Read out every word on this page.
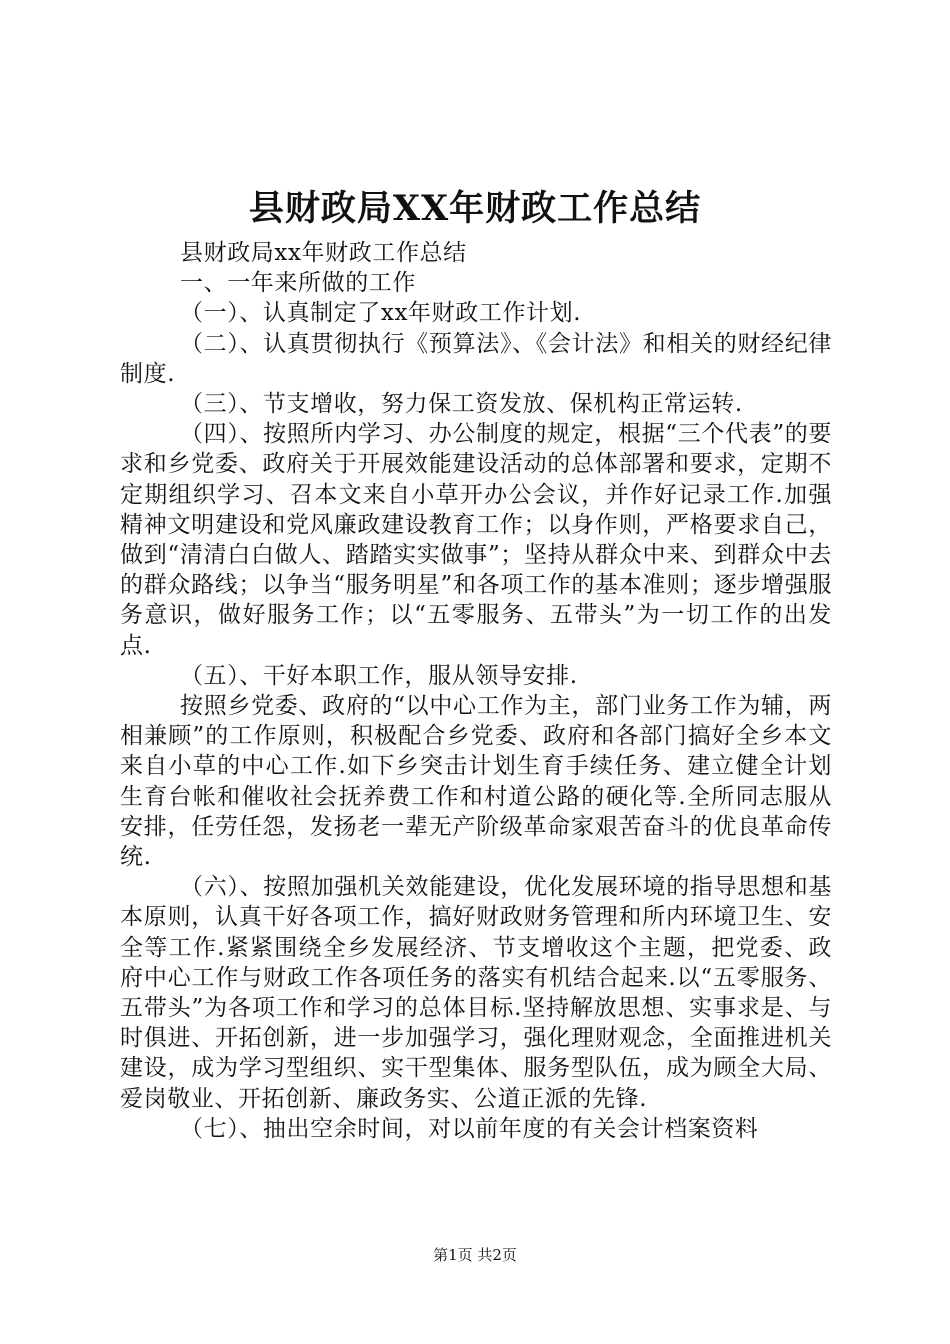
县财政局XX年财政工作总结

县财政局xx年财政工作总结

一、一年来所做的工作

（一）、认真制定了xx年财政工作计划.

（二）、认真贯彻执行《预算法》、《会计法》和相关的财经纪律制度.

（三）、节支增收，努力保工资发放、保机构正常运转.

（四）、按照所内学习、办公制度的规定，根据“三个代表”的要求和乡党委、政府关于开展效能建设活动的总体部署和要求，定期不定期组织学习、召本文来自小草开办公会议，并作好记录工作.加强精神文明建设和党风廉政建设教育工作；以身作则，严格要求自己，做到“清清白白做人、踏踏实实做事”；坚持从群众中来、到群众中去的群众路线；以争当“服务明星”和各项工作的基本准则；逐步增强服务意识，做好服务工作；以“五零服务、五带头”为一切工作的出发点.

（五）、干好本职工作，服从领导安排.

按照乡党委、政府的“以中心工作为主，部门业务工作为辅，两相兼顾”的工作原则，积极配合乡党委、政府和各部门搞好全乡本文来自小草的中心工作.如下乡突击计划生育手续任务、建立健全计划生育台帐和催收社会抚养费工作和村道公路的硬化等.全所同志服从安排，任劳任怨，发扬老一辈无产阶级革命家艰苦奋斗的优良革命传统.

（六）、按照加强机关效能建设，优化发展环境的指导思想和基本原则，认真干好各项工作，搞好财政财务管理和所内环境卫生、安全等工作.紧紧围绕全乡发展经济、节支增收这个主题，把党委、政府中心工作与财政工作各项任务的落实有机结合起来.以“五零服务、五带头”为各项工作和学习的总体目标.坚持解放思想、实事求是、与时俱进、开拓创新，进一步加强学习，强化理财观念，全面推进机关建设，成为学习型组织、实干型集体、服务型队伍，成为顾全大局、爱岗敬业、开拓创新、廉政务实、公道正派的先锋.

（七）、抽出空余时间，对以前年度的有关会计档案资料

第1页 共2页
